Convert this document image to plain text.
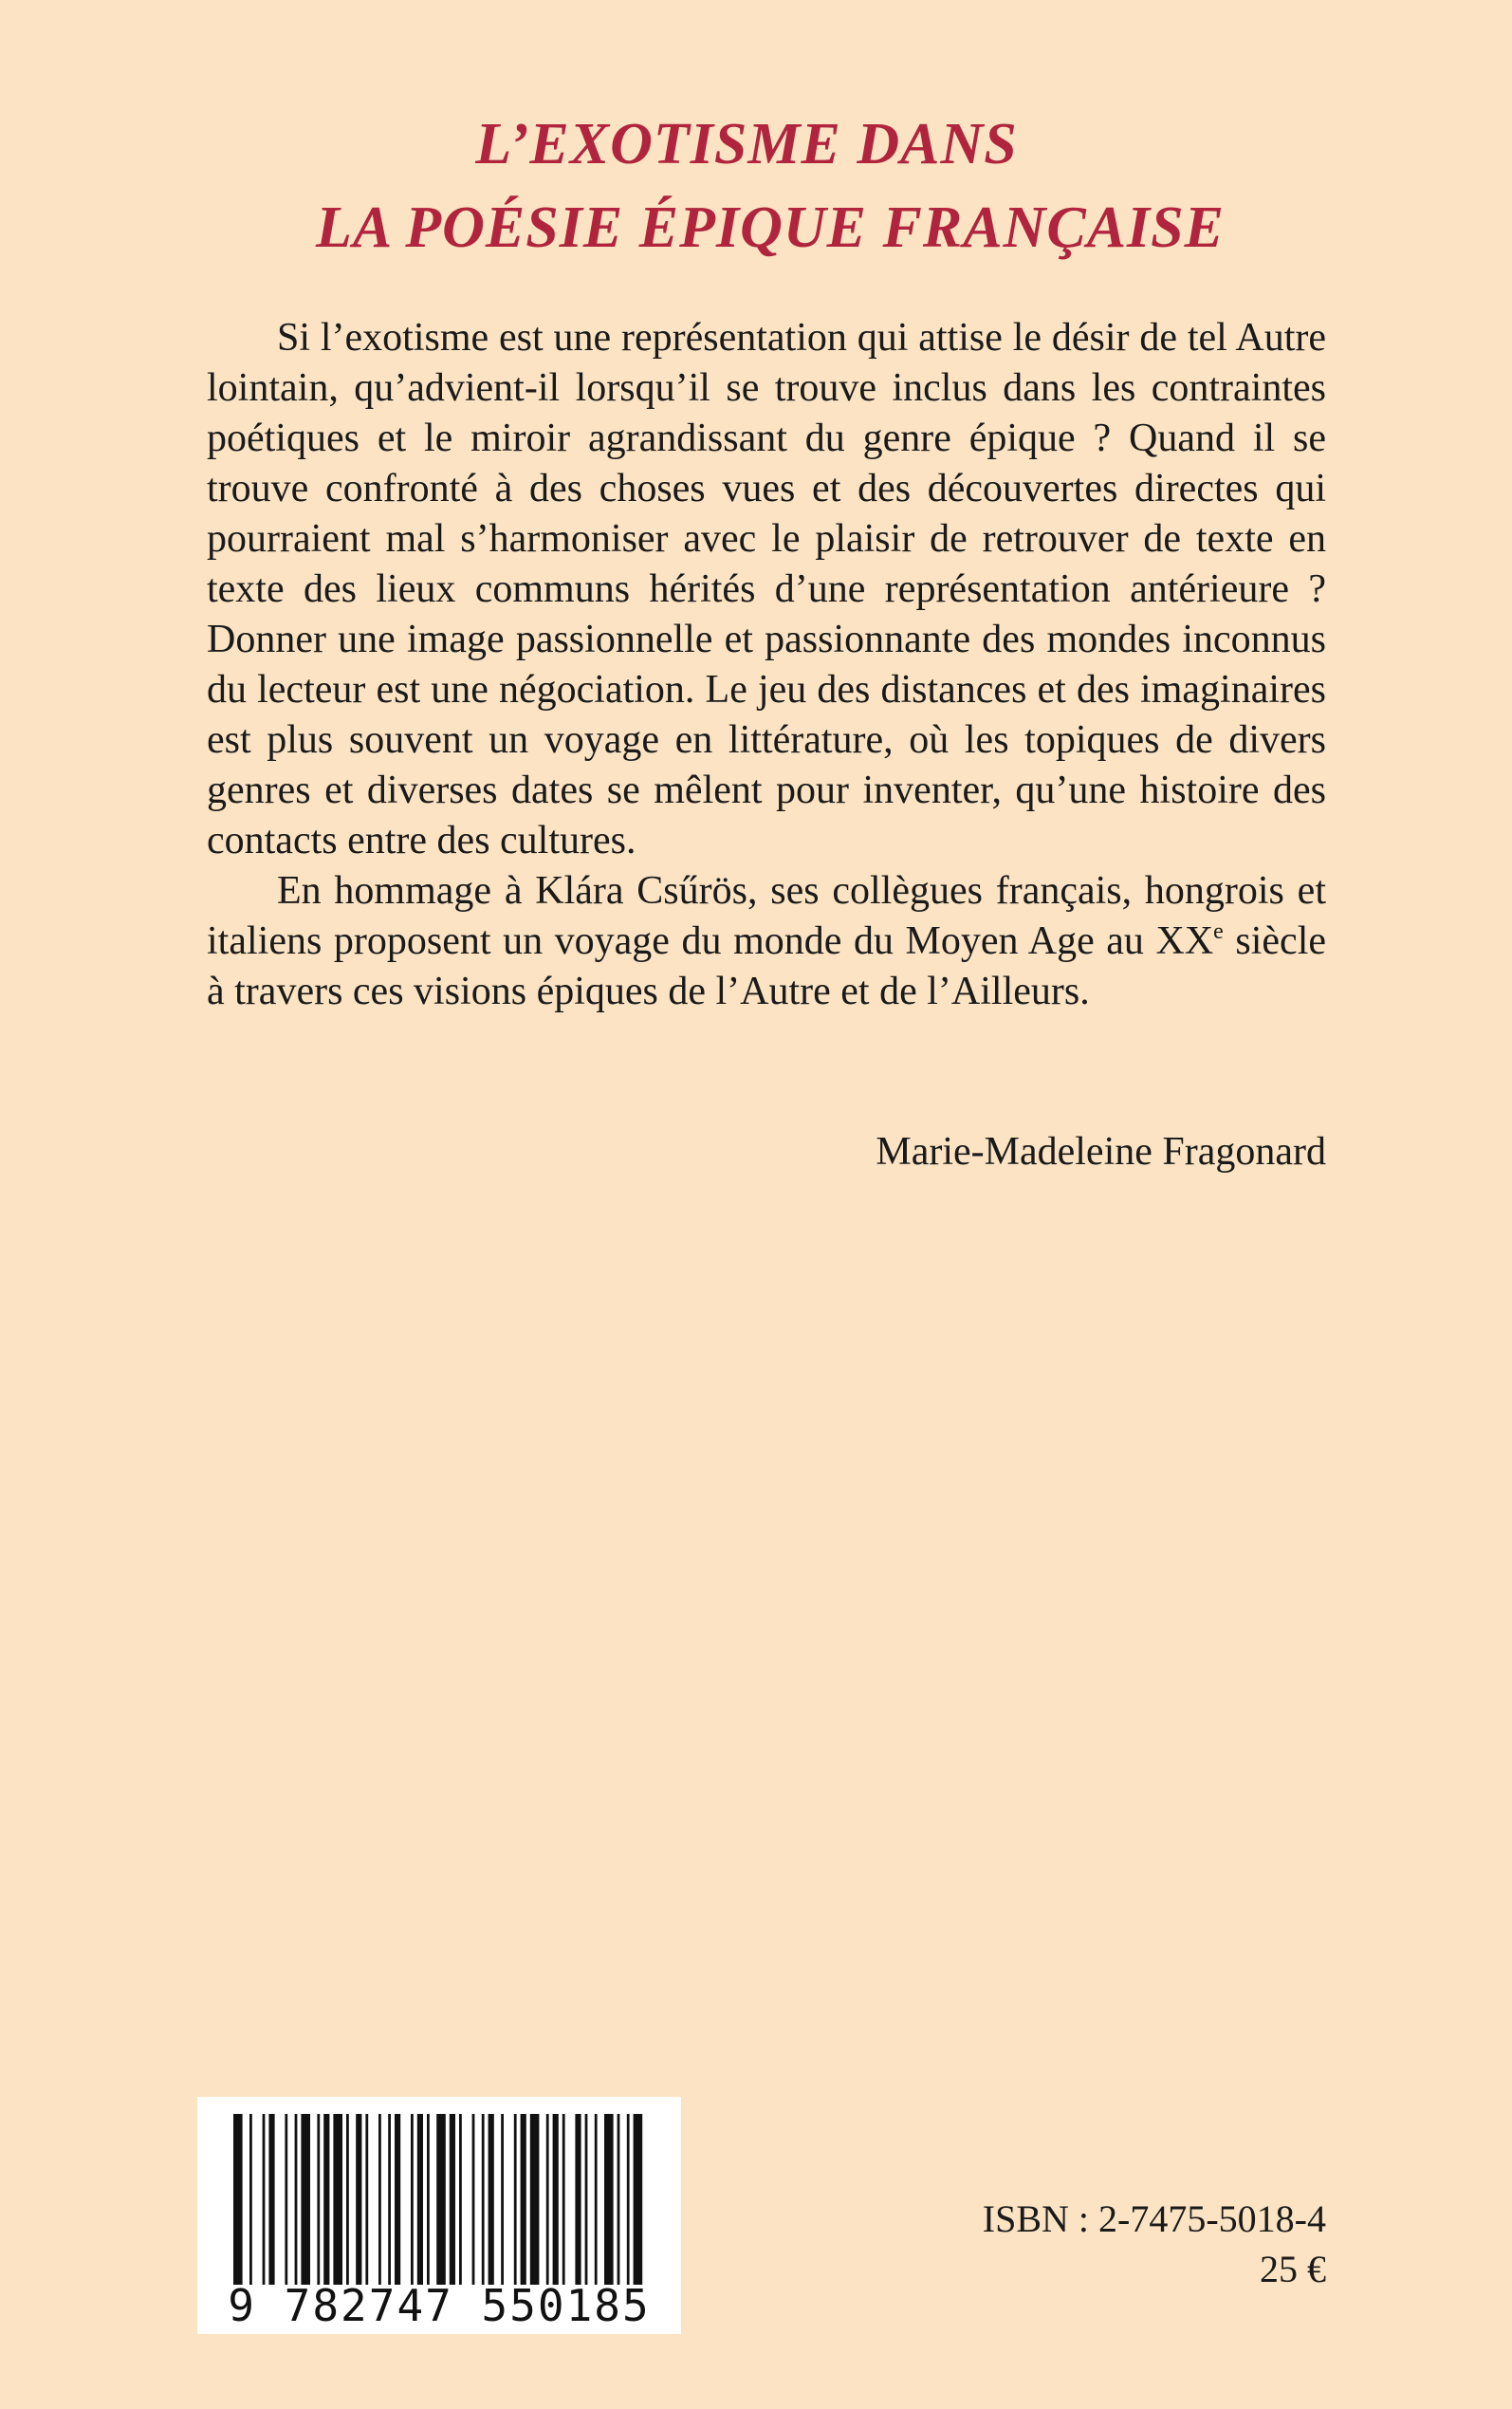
L’EXOTISME DANS
LA POÉSIE ÉPIQUE FRANÇAISE

Si l’exotisme est une représentation qui attise le désir de tel Autre lointain, qu’advient-il lorsqu’il se trouve inclus dans les contraintes poétiques et le miroir agrandissant du genre épique ? Quand il se trouve confronté à des choses vues et des découvertes directes qui pourraient mal s’harmoniser avec le plaisir de retrouver de texte en texte des lieux communs hérités d’une représentation antérieure ? Donner une image passionnelle et passionnante des mondes inconnus du lecteur est une négociation. Le jeu des distances et des imaginaires est plus souvent un voyage en littérature, où les topiques de divers genres et diverses dates se mêlent pour inventer, qu’une histoire des contacts entre des cultures.

En hommage à Klára Csűrös, ses collègues français, hongrois et italiens proposent un voyage du monde du Moyen Age au XXe siècle à travers ces visions épiques de l’Autre et de l’Ailleurs.

Marie-Madeleine Fragonard
9 782747 550185
ISBN : 2-7475-5018-4
25 €
